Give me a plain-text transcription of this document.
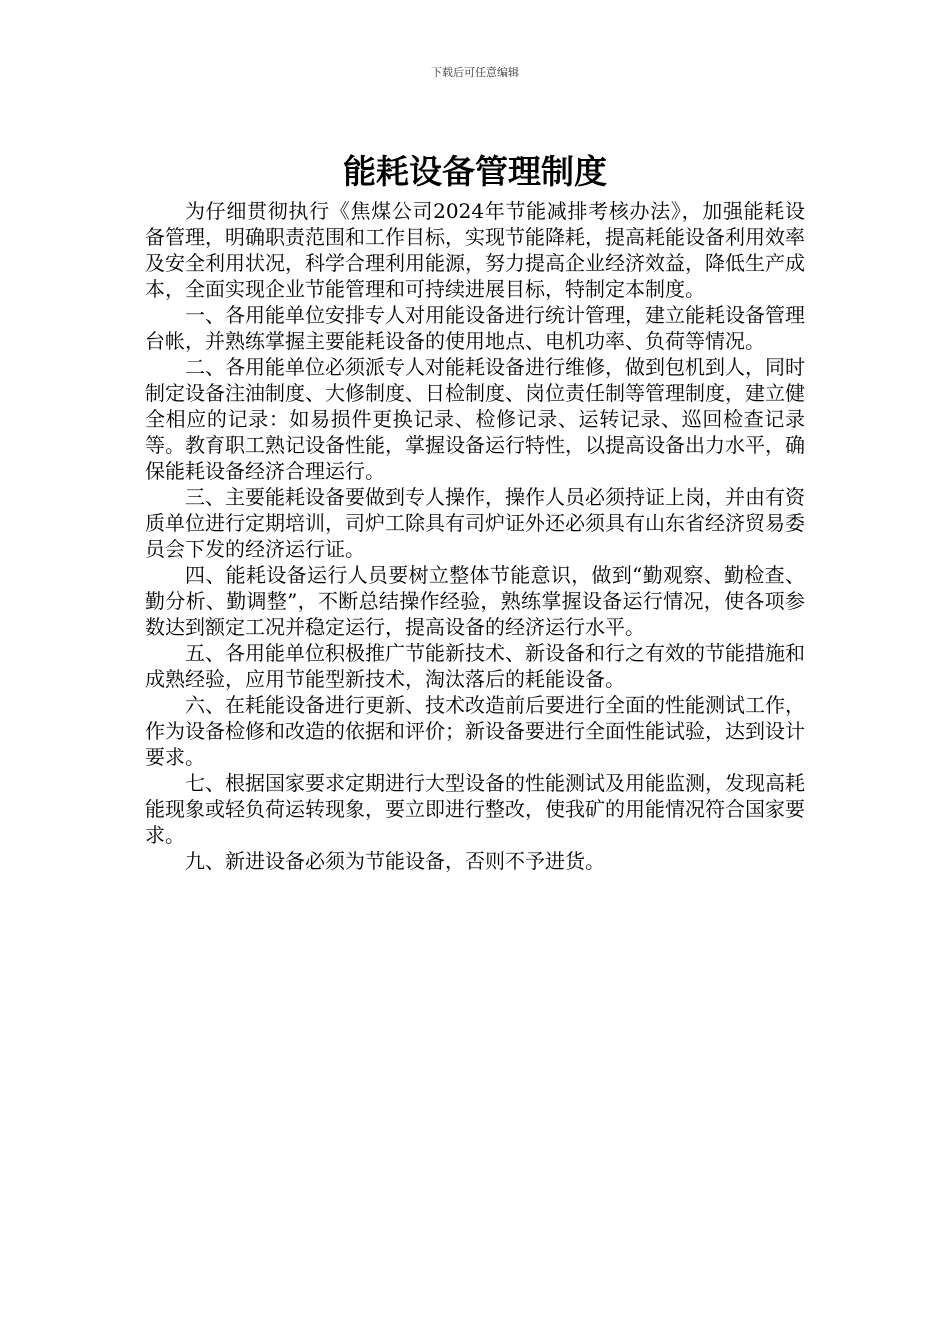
下载后可任意编辑
能耗设备管理制度

为仔细贯彻执行《焦煤公司2024年节能减排考核办法》，加强能耗设备管理，明确职责范围和工作目标，实现节能降耗，提高耗能设备利用效率及安全利用状况，科学合理利用能源，努力提高企业经济效益，降低生产成本，全面实现企业节能管理和可持续进展目标，特制定本制度。

一、各用能单位安排专人对用能设备进行统计管理，建立能耗设备管理台帐，并熟练掌握主要能耗设备的使用地点、电机功率、负荷等情况。

二、各用能单位必须派专人对能耗设备进行维修，做到包机到人，同时制定设备注油制度、大修制度、日检制度、岗位责任制等管理制度，建立健全相应的记录：如易损件更换记录、检修记录、运转记录、巡回检查记录等。教育职工熟记设备性能，掌握设备运行特性，以提高设备出力水平，确保能耗设备经济合理运行。

三、主要能耗设备要做到专人操作，操作人员必须持证上岗，并由有资质单位进行定期培训，司炉工除具有司炉证外还必须具有山东省经济贸易委员会下发的经济运行证。

四、能耗设备运行人员要树立整体节能意识，做到“勤观察、勤检查、勤分析、勤调整”，不断总结操作经验，熟练掌握设备运行情况，使各项参数达到额定工况并稳定运行，提高设备的经济运行水平。

五、各用能单位积极推广节能新技术、新设备和行之有效的节能措施和成熟经验，应用节能型新技术，淘汰落后的耗能设备。

六、在耗能设备进行更新、技术改造前后要进行全面的性能测试工作，作为设备检修和改造的依据和评价；新设备要进行全面性能试验，达到设计要求。

七、根据国家要求定期进行大型设备的性能测试及用能监测，发现高耗能现象或轻负荷运转现象，要立即进行整改，使我矿的用能情况符合国家要求。

九、新进设备必须为节能设备，否则不予进货。
